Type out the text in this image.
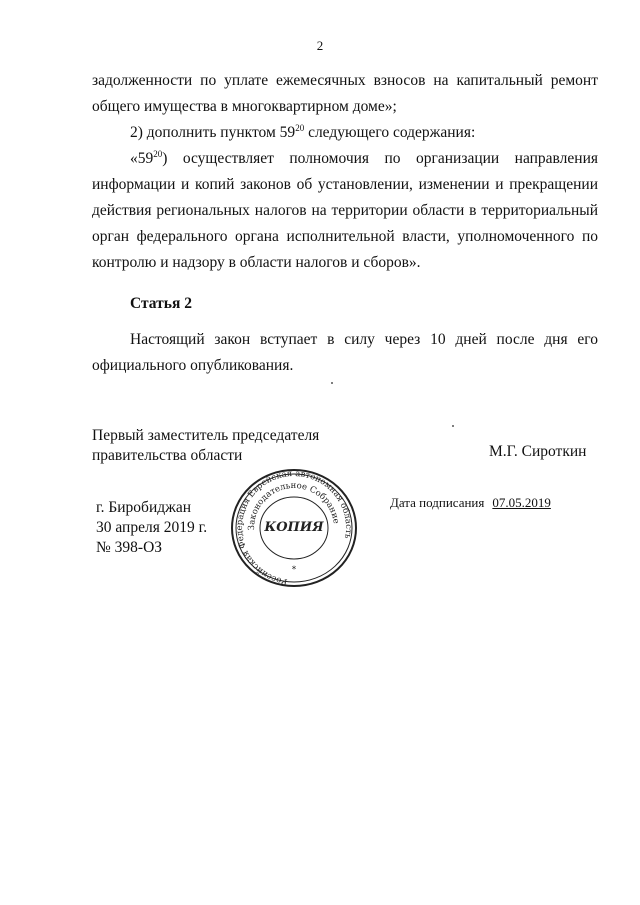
2
задолженности по уплате ежемесячных взносов на капитальный ремонт
общего имущества в многоквартирном доме»;
2) дополнить пунктом $59^{20}$ следующего содержания:
«$59^{20}$) осуществляет полномочия по организации направления информации и копий законов об установлении, изменении и прекращении действия региональных налогов на территории области в территориальный орган федерального органа исполнительной власти, уполномоченного по контролю и надзору в области налогов и сборов».
Статья 2
Настоящий закон вступает в силу через 10 дней после дня его официального опубликования.
Первый заместитель председателя
правительства области	М.Г. Сироткин
г. Биробиджан
30 апреля 2019 г.
№ 398-ОЗ
Дата подписания 07.05.2019
Российская Федерация Еврейская автономная область
Законодательное Собрание
КОПИЯ
*
